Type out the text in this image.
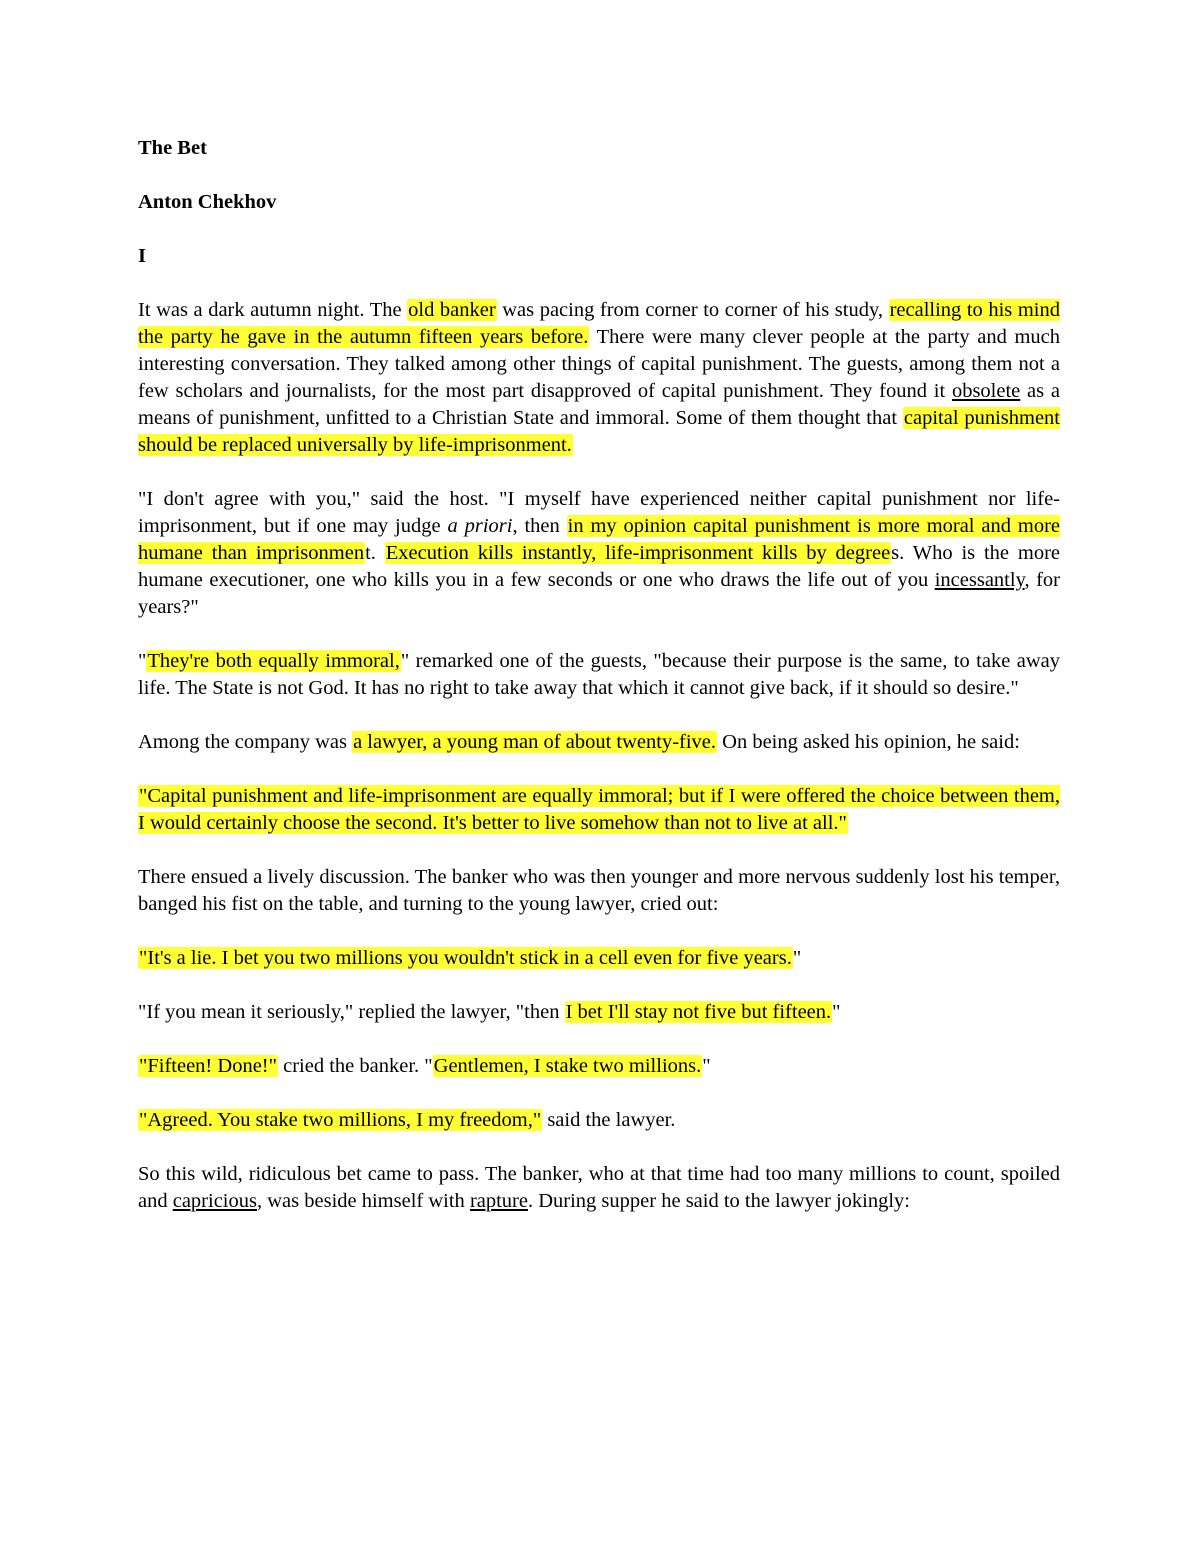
The Bet

Anton Chekhov

I

It was a dark autumn night. The old banker was pacing from corner to corner of his study, recalling to his mind the party he gave in the autumn fifteen years before. There were many clever people at the party and much interesting conversation. They talked among other things of capital punishment. The guests, among them not a few scholars and journalists, for the most part disapproved of capital punishment. They found it obsolete as a means of punishment, unfitted to a Christian State and immoral. Some of them thought that capital punishment should be replaced universally by life-imprisonment.

"I don't agree with you," said the host. "I myself have experienced neither capital punishment nor life-imprisonment, but if one may judge a priori, then in my opinion capital punishment is more moral and more humane than imprisonment. Execution kills instantly, life-imprisonment kills by degrees. Who is the more humane executioner, one who kills you in a few seconds or one who draws the life out of you incessantly, for years?"

"They're both equally immoral," remarked one of the guests, "because their purpose is the same, to take away life. The State is not God. It has no right to take away that which it cannot give back, if it should so desire."

Among the company was a lawyer, a young man of about twenty-five. On being asked his opinion, he said:

"Capital punishment and life-imprisonment are equally immoral; but if I were offered the choice between them, I would certainly choose the second. It's better to live somehow than not to live at all."

There ensued a lively discussion. The banker who was then younger and more nervous suddenly lost his temper, banged his fist on the table, and turning to the young lawyer, cried out:

"It's a lie. I bet you two millions you wouldn't stick in a cell even for five years."

"If you mean it seriously," replied the lawyer, "then I bet I'll stay not five but fifteen."

"Fifteen! Done!" cried the banker. "Gentlemen, I stake two millions."

"Agreed. You stake two millions, I my freedom," said the lawyer.

So this wild, ridiculous bet came to pass. The banker, who at that time had too many millions to count, spoiled and capricious, was beside himself with rapture. During supper he said to the lawyer jokingly:
